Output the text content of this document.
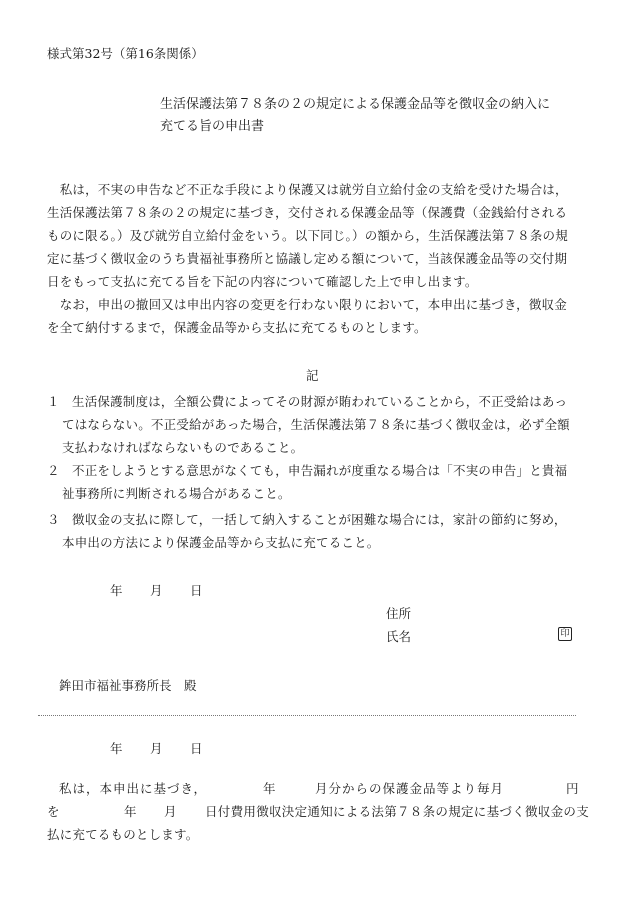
様式第32号（第16条関係）
生活保護法第７８条の２の規定による保護金品等を徴収金の納入に
充てる旨の申出書
　私は，不実の申告など不正な手段により保護又は就労自立給付金の支給を受けた場合は，
生活保護法第７８条の２の規定に基づき，交付される保護金品等（保護費（金銭給付される
ものに限る。）及び就労自立給付金をいう。以下同じ。）の額から，生活保護法第７８条の規
定に基づく徴収金のうち貴福祉事務所と協議し定める額について，当該保護金品等の交付期
日をもって支払に充てる旨を下記の内容について確認した上で申し出ます。
　なお，申出の撤回又は申出内容の変更を行わない限りにおいて，本申出に基づき，徴収金
を全て納付するまで，保護金品等から支払に充てるものとします。
記
１ 生活保護制度は，全額公費によってその財源が賄われていることから，不正受給はあっ
てはならない。不正受給があった場合，生活保護法第７８条に基づく徴収金は，必ず全額
支払わなければならないものであること。
２ 不正をしようとする意思がなくても，申告漏れが度重なる場合は「不実の申告」と貴福
祉事務所に判断される場合があること。
３ 徴収金の支払に際して，一括して納入することが困難な場合には，家計の節約に努め，
本申出の方法により保護金品等から支払に充てること。
年 月 日
住所
氏名	印
鉾田市福祉事務所長　殿
年 月 日
私は，本申出に基づき，	年	月分からの保護金品等より毎月	円
を	年 月 日付費用徴収決定通知による法第７８条の規定に基づく徴収金の支
払に充てるものとします。
